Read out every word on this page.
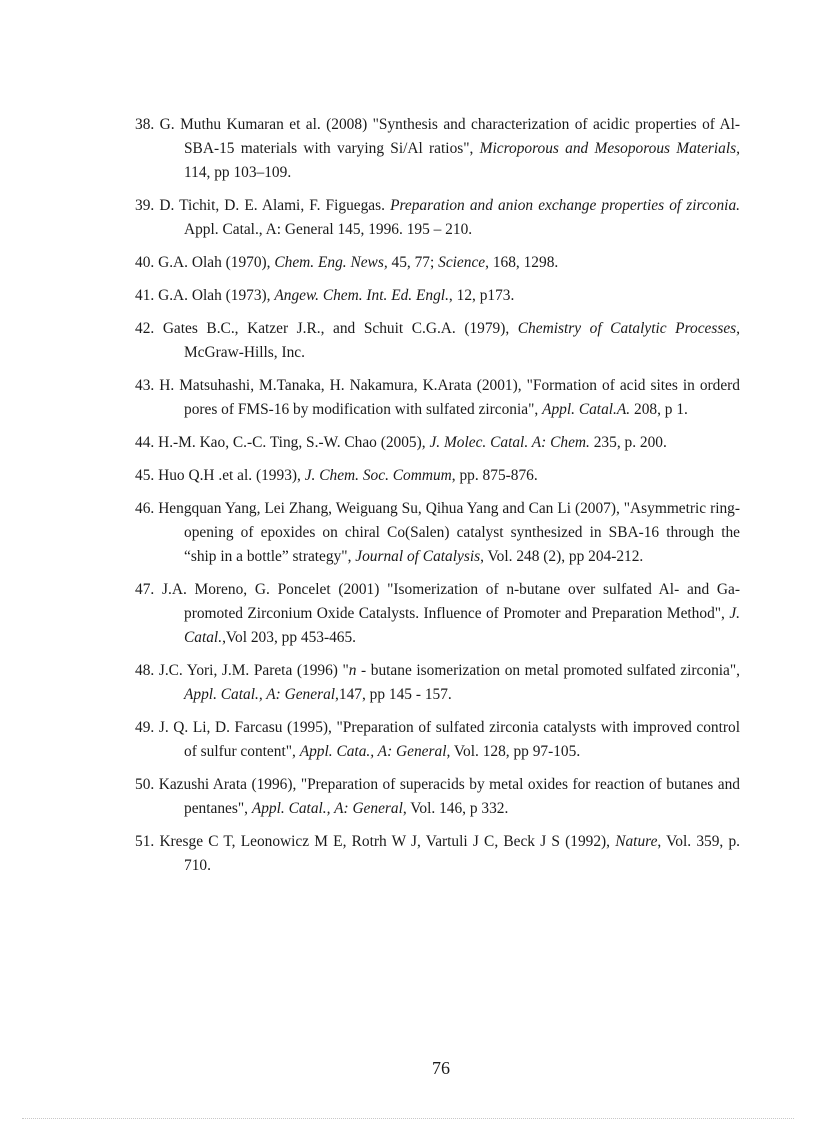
38. G. Muthu Kumaran et al. (2008) "Synthesis and characterization of acidic properties of Al-SBA-15 materials with varying Si/Al ratios", Microporous and Mesoporous Materials, 114, pp 103–109.
39. D. Tichit, D. E. Alami, F. Figuegas. Preparation and anion exchange properties of zirconia. Appl. Catal., A: General 145, 1996. 195 – 210.
40. G.A. Olah (1970), Chem. Eng. News, 45, 77; Science, 168, 1298.
41. G.A. Olah (1973), Angew. Chem. Int. Ed. Engl., 12, p173.
42. Gates B.C., Katzer J.R., and Schuit C.G.A. (1979), Chemistry of Catalytic Processes, McGraw-Hills, Inc.
43. H. Matsuhashi, M.Tanaka, H. Nakamura, K.Arata (2001), "Formation of acid sites in orderd pores of FMS-16 by modification with sulfated zirconia", Appl. Catal.A. 208, p 1.
44. H.-M. Kao, C.-C. Ting, S.-W. Chao (2005), J. Molec. Catal. A: Chem. 235, p. 200.
45. Huo Q.H .et al. (1993), J. Chem. Soc. Commum, pp. 875-876.
46. Hengquan Yang, Lei Zhang, Weiguang Su, Qihua Yang and Can Li (2007), "Asymmetric ring-opening of epoxides on chiral Co(Salen) catalyst synthesized in SBA-16 through the “ship in a bottle” strategy", Journal of Catalysis, Vol. 248 (2), pp 204-212.
47. J.A. Moreno, G. Poncelet (2001) "Isomerization of n-butane over sulfated Al- and Ga-promoted Zirconium Oxide Catalysts. Influence of Promoter and Preparation Method", J. Catal.,Vol 203, pp 453-465.
48. J.C. Yori, J.M. Pareta (1996) "n - butane isomerization on metal promoted sulfated zirconia", Appl. Catal., A: General,147, pp 145 - 157.
49. J. Q. Li, D. Farcasu (1995), "Preparation of sulfated zirconia catalysts with improved control of sulfur content", Appl. Cata., A: General, Vol. 128, pp 97-105.
50. Kazushi Arata (1996), "Preparation of superacids by metal oxides for reaction of butanes and pentanes", Appl. Catal., A: General, Vol. 146, p 332.
51. Kresge C T, Leonowicz M E, Rotrh W J, Vartuli J C, Beck J S (1992), Nature, Vol. 359, p. 710.
76
